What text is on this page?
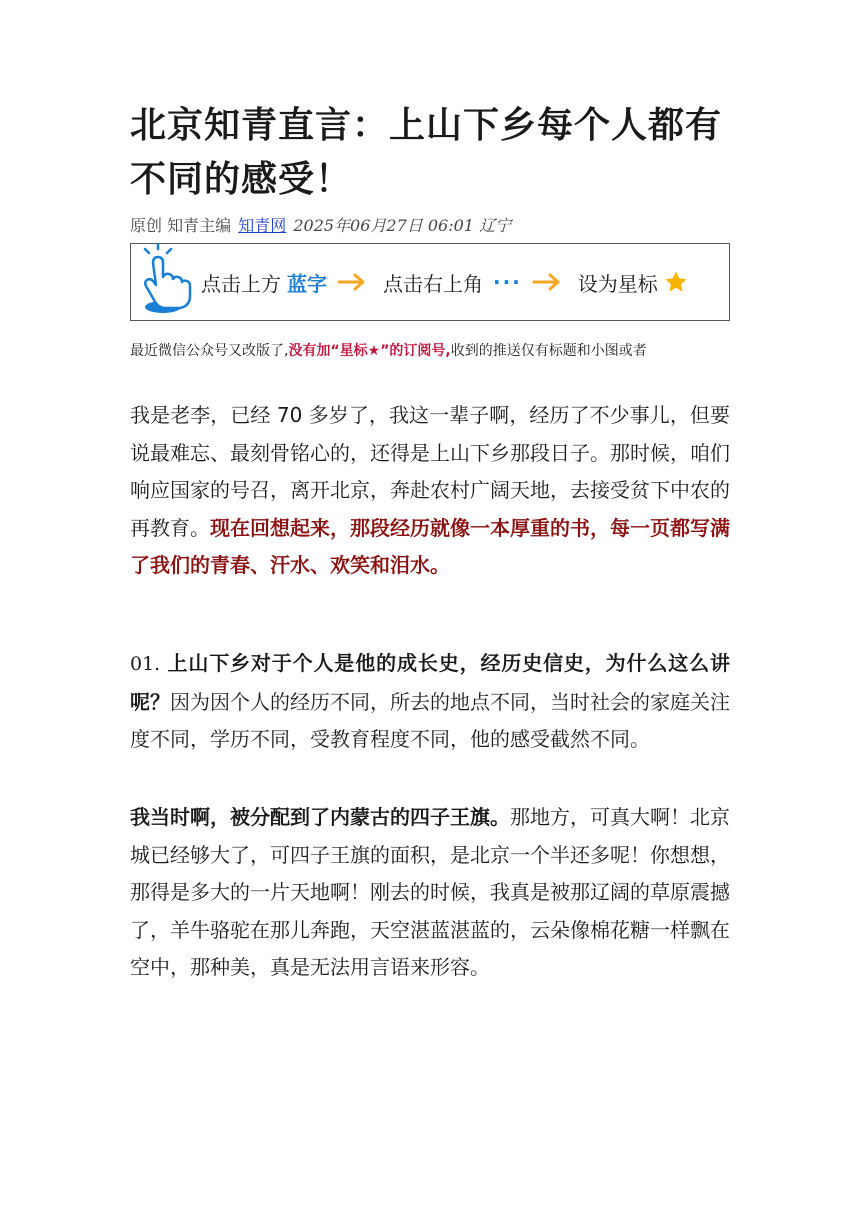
北京知青直言：上山下乡每个人都有不同的感受！
原创 知青主编 知青网 2025年06月27日 06:01 辽宁
点击上方 蓝字	点击右上角 ···	设为星标
最近微信公众号又改版了,没有加“星标★”的订阅号,收到的推送仅有标题和小图或者
我是老李，已经 70 多岁了，我这一辈子啊，经历了不少事儿，但要说最难忘、最刻骨铭心的，还得是上山下乡那段日子。那时候，咱们响应国家的号召，离开北京，奔赴农村广阔天地，去接受贫下中农的再教育。现在回想起来，那段经历就像一本厚重的书，每一页都写满了我们的青春、汗水、欢笑和泪水。
01. 上山下乡对于个人是他的成长史，经历史信史，为什么这么讲呢？因为因个人的经历不同，所去的地点不同，当时社会的家庭关注度不同，学历不同，受教育程度不同，他的感受截然不同。
我当时啊，被分配到了内蒙古的四子王旗。那地方，可真大啊！北京城已经够大了，可四子王旗的面积，是北京一个半还多呢！你想想，那得是多大的一片天地啊！刚去的时候，我真是被那辽阔的草原震撼了，羊牛骆驼在那儿奔跑，天空湛蓝湛蓝的，云朵像棉花糖一样飘在空中，那种美，真是无法用言语来形容。
